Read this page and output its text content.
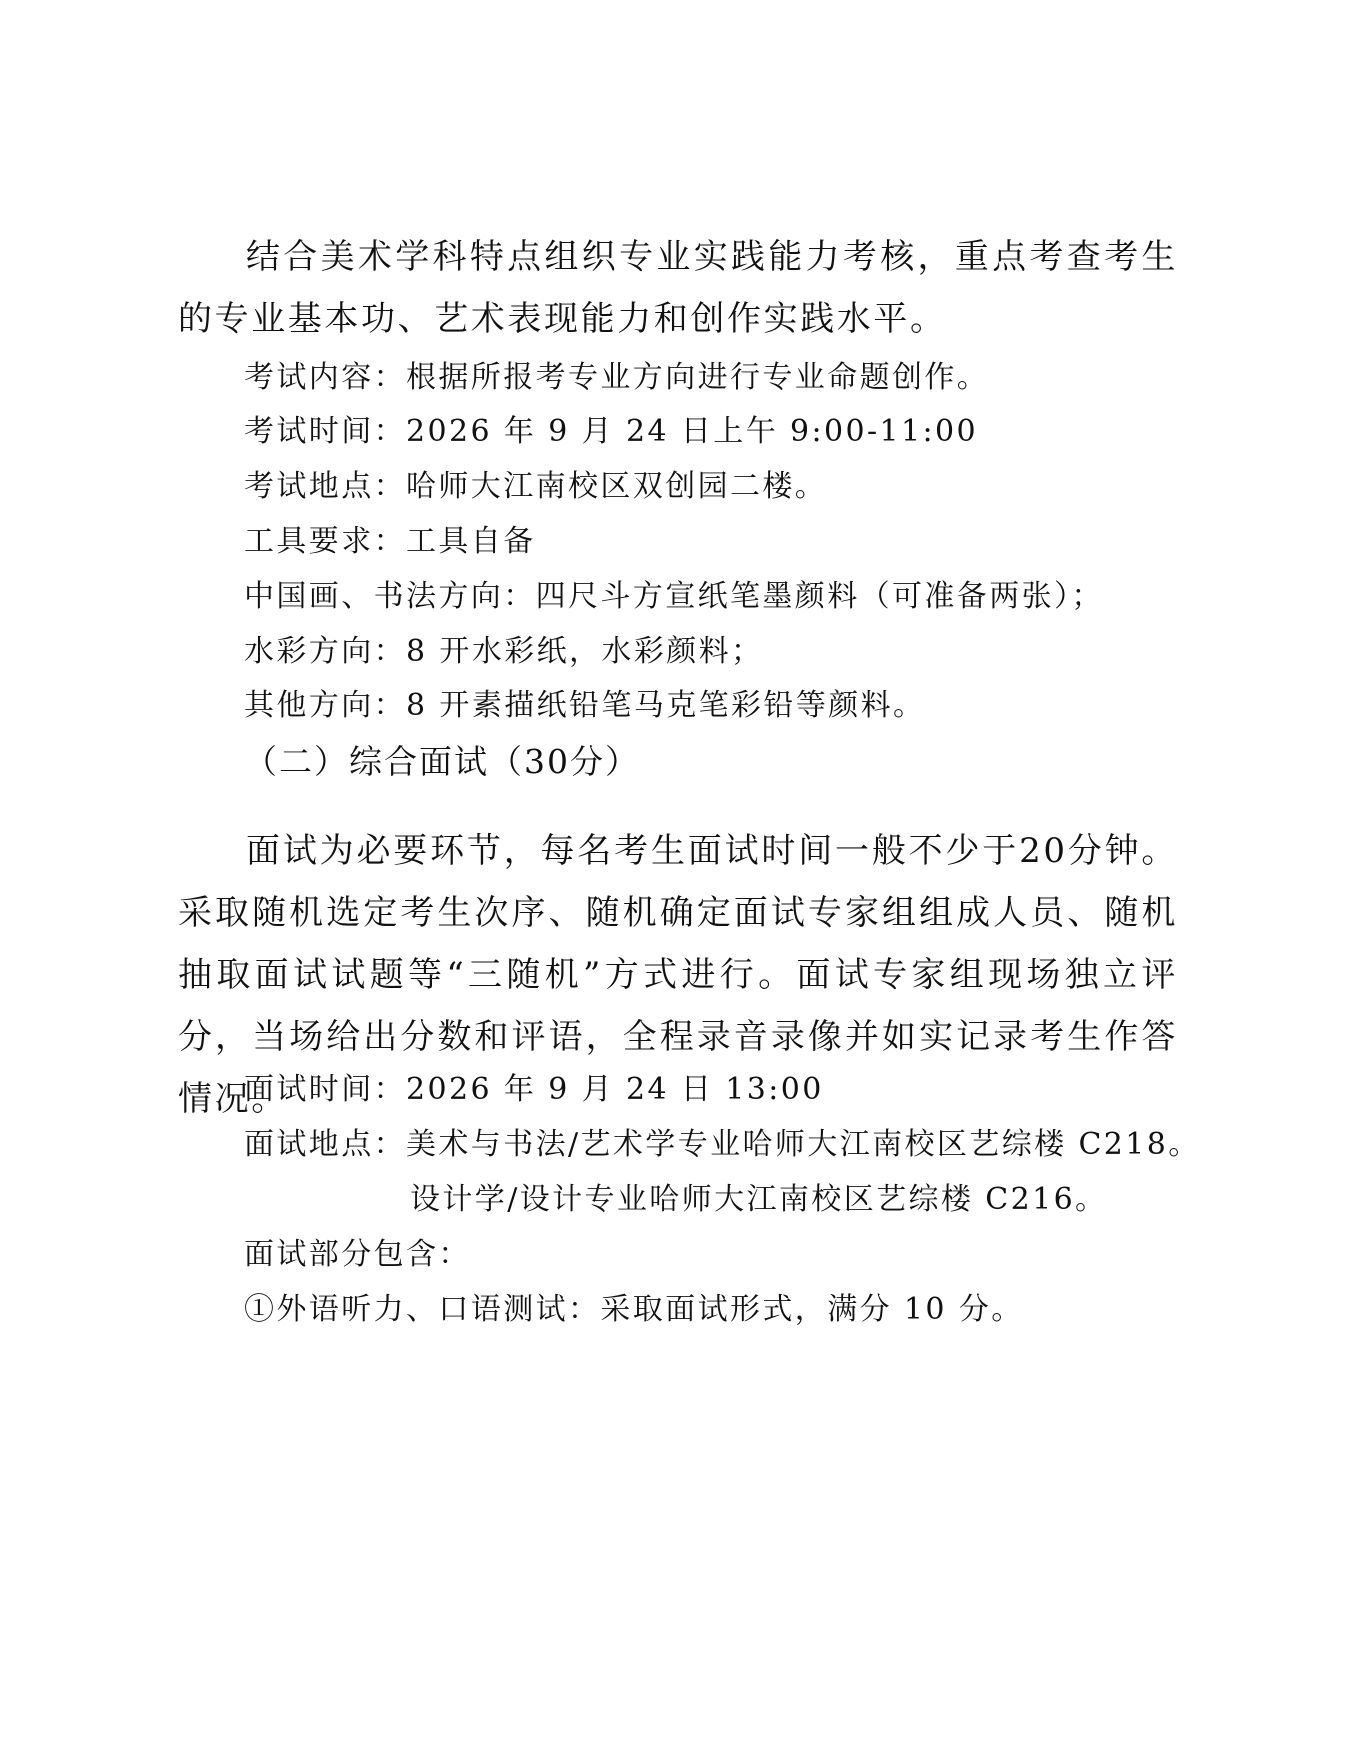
结合美术学科特点组织专业实践能力考核，重点考查考生的专业基本功、艺术表现能力和创作实践水平。

考试内容：根据所报考专业方向进行专业命题创作。

考试时间：2026 年 9 月 24 日上午 9:00-11:00

考试地点：哈师大江南校区双创园二楼。

工具要求：工具自备

中国画、书法方向：四尺斗方宣纸笔墨颜料（可准备两张）；

水彩方向：8 开水彩纸，水彩颜料；

其他方向：8 开素描纸铅笔马克笔彩铅等颜料。

（二）综合面试（30分）

面试为必要环节，每名考生面试时间一般不少于20分钟。采取随机选定考生次序、随机确定面试专家组组成人员、随机抽取面试试题等“三随机”方式进行。面试专家组现场独立评分，当场给出分数和评语，全程录音录像并如实记录考生作答情况。

面试时间：2026 年 9 月 24 日 13:00

面试地点：美术与书法/艺术学专业哈师大江南校区艺综楼 C218。

设计学/设计专业哈师大江南校区艺综楼 C216。

面试部分包含：

①外语听力、口语测试：采取面试形式，满分 10 分。
